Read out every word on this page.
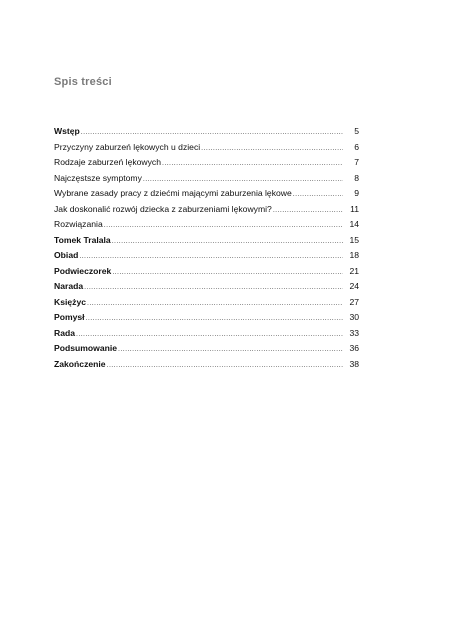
Spis treści
Wstęp .....	5
Przyczyny zaburzeń lękowych u dzieci .....	6
Rodzaje zaburzeń lękowych .....	7
Najczęstsze symptomy .....	8
Wybrane zasady pracy z dziećmi mającymi zaburzenia lękowe .....	9
Jak doskonalić rozwój dziecka z zaburzeniami lękowymi? .....	11
Rozwiązania .....	14
Tomek Tralala .....	15
Obiad .....	18
Podwieczorek .....	21
Narada .....	24
Księżyc .....	27
Pomysł .....	30
Rada .....	33
Podsumowanie .....	36
Zakończenie .....	38
